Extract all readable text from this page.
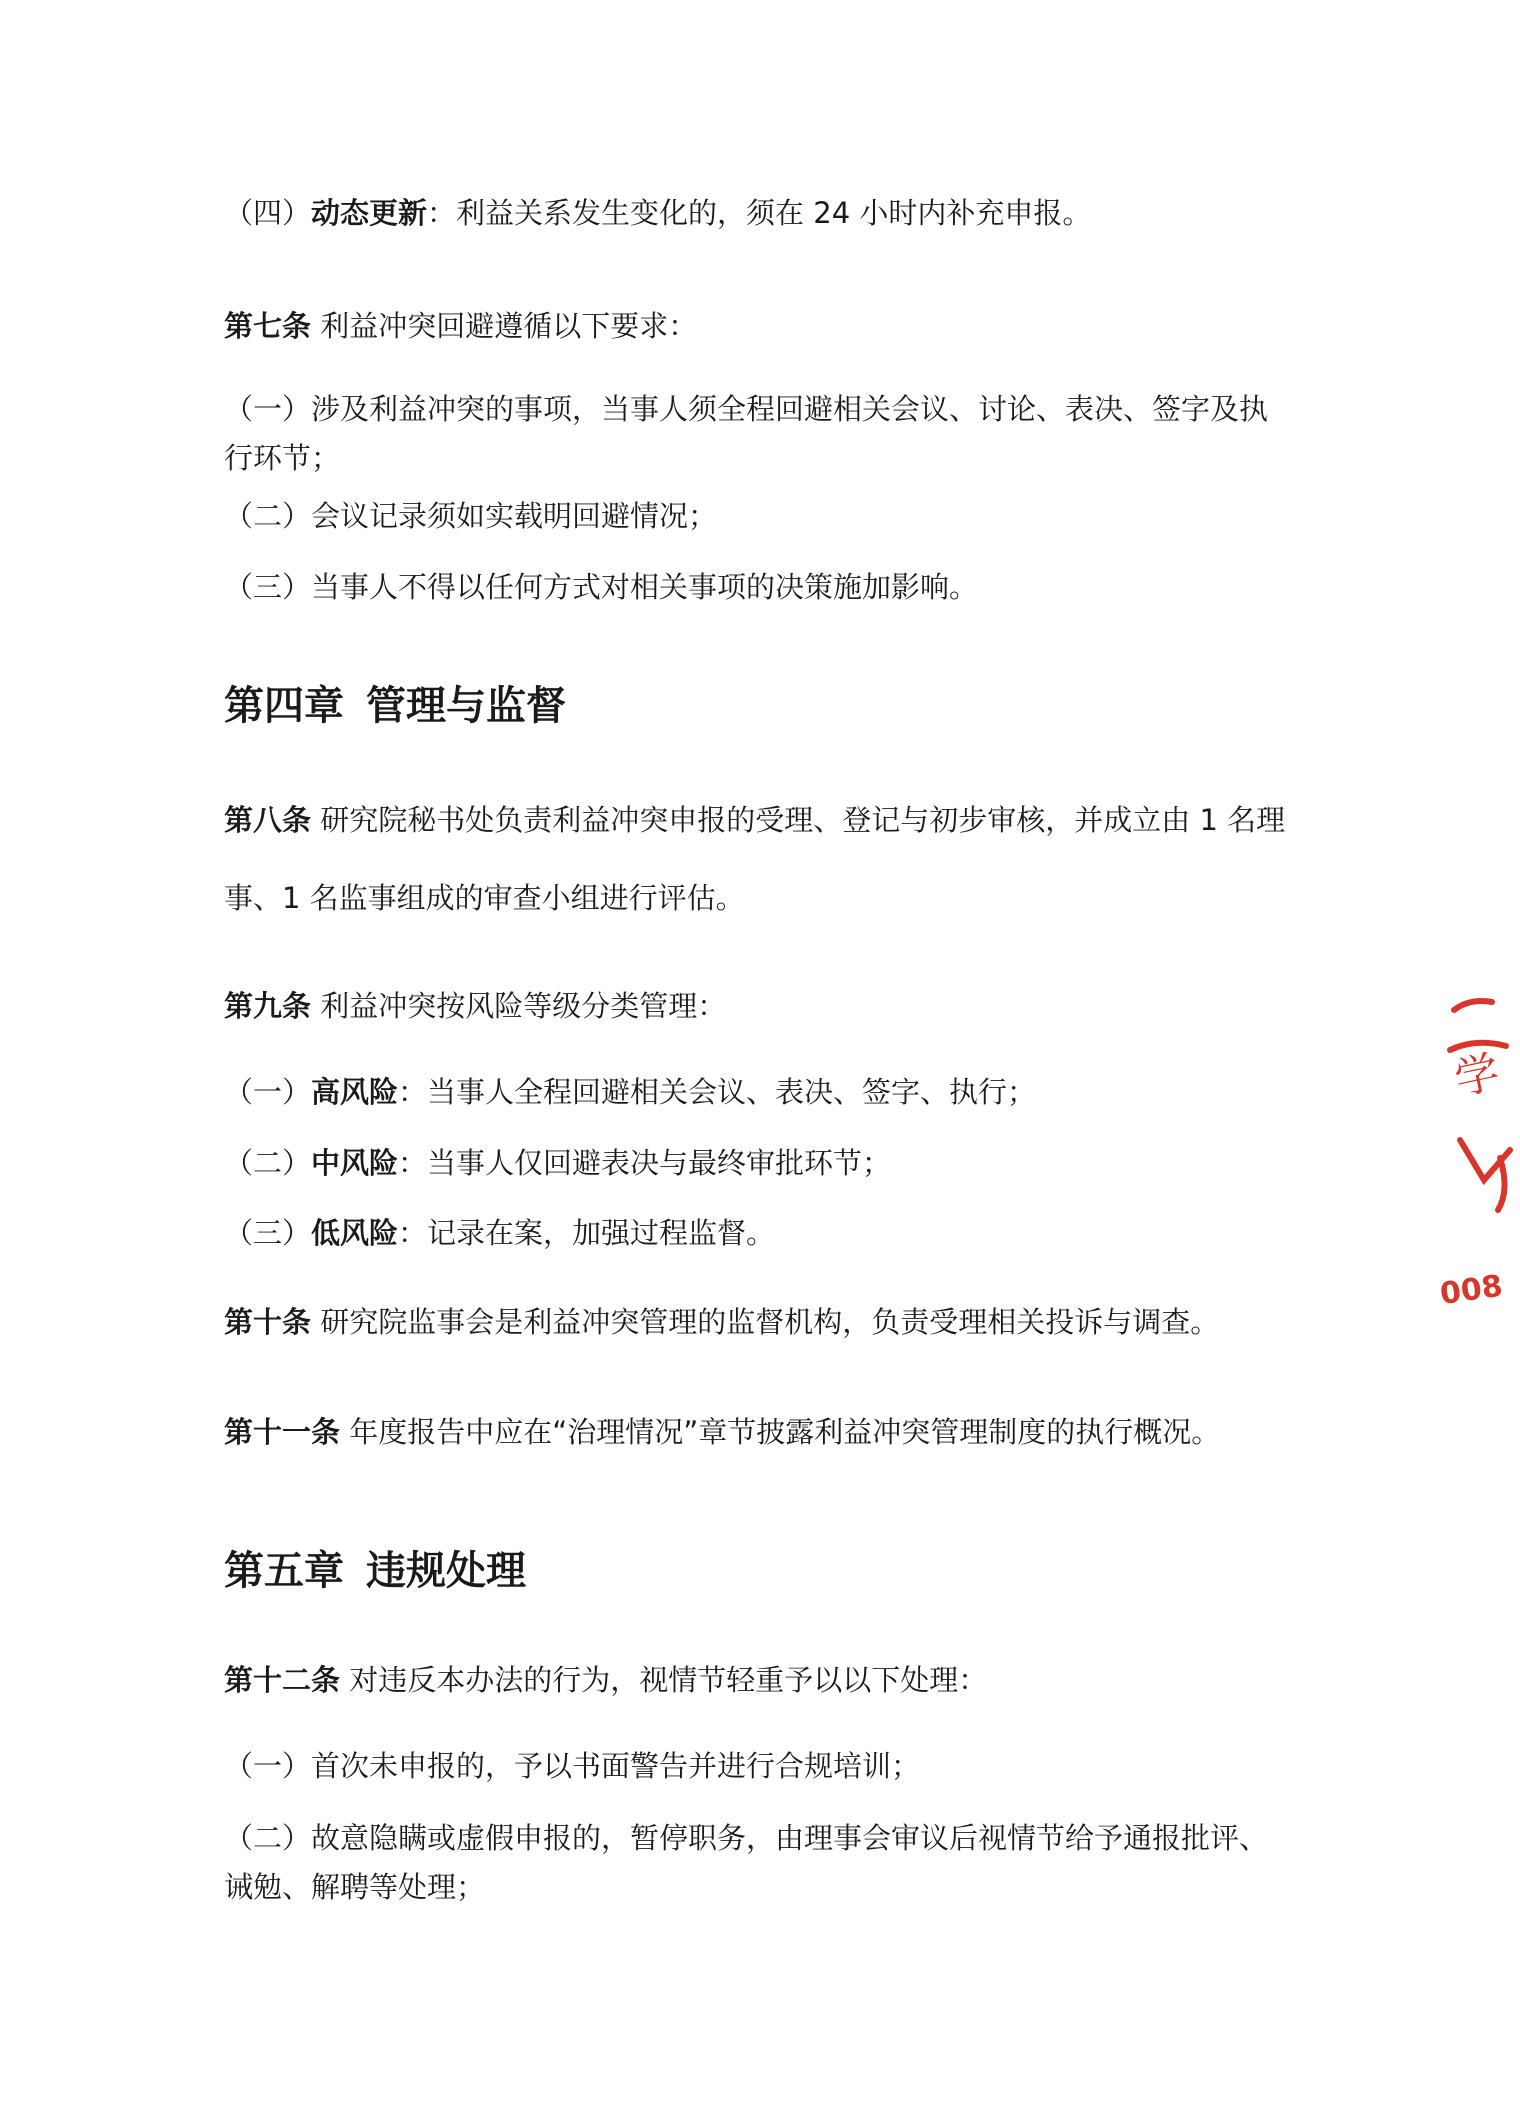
（四）动态更新：利益关系发生变化的，须在 24 小时内补充申报。
第七条 利益冲突回避遵循以下要求：
（一）涉及利益冲突的事项，当事人须全程回避相关会议、讨论、表决、签字及执行环节；
（二）会议记录须如实载明回避情况；
（三）当事人不得以任何方式对相关事项的决策施加影响。
第四章 管理与监督
第八条 研究院秘书处负责利益冲突申报的受理、登记与初步审核，并成立由 1 名理事、1 名监事组成的审查小组进行评估。
第九条 利益冲突按风险等级分类管理：
（一）高风险：当事人全程回避相关会议、表决、签字、执行；
（二）中风险：当事人仅回避表决与最终审批环节；
（三）低风险：记录在案，加强过程监督。
第十条 研究院监事会是利益冲突管理的监督机构，负责受理相关投诉与调查。
第十一条 年度报告中应在“治理情况”章节披露利益冲突管理制度的执行概况。
第五章 违规处理
第十二条 对违反本办法的行为，视情节轻重予以以下处理：
（一）首次未申报的，予以书面警告并进行合规培训；
（二）故意隐瞒或虚假申报的，暂停职务，由理事会审议后视情节给予通报批评、诫勉、解聘等处理；
学
008
